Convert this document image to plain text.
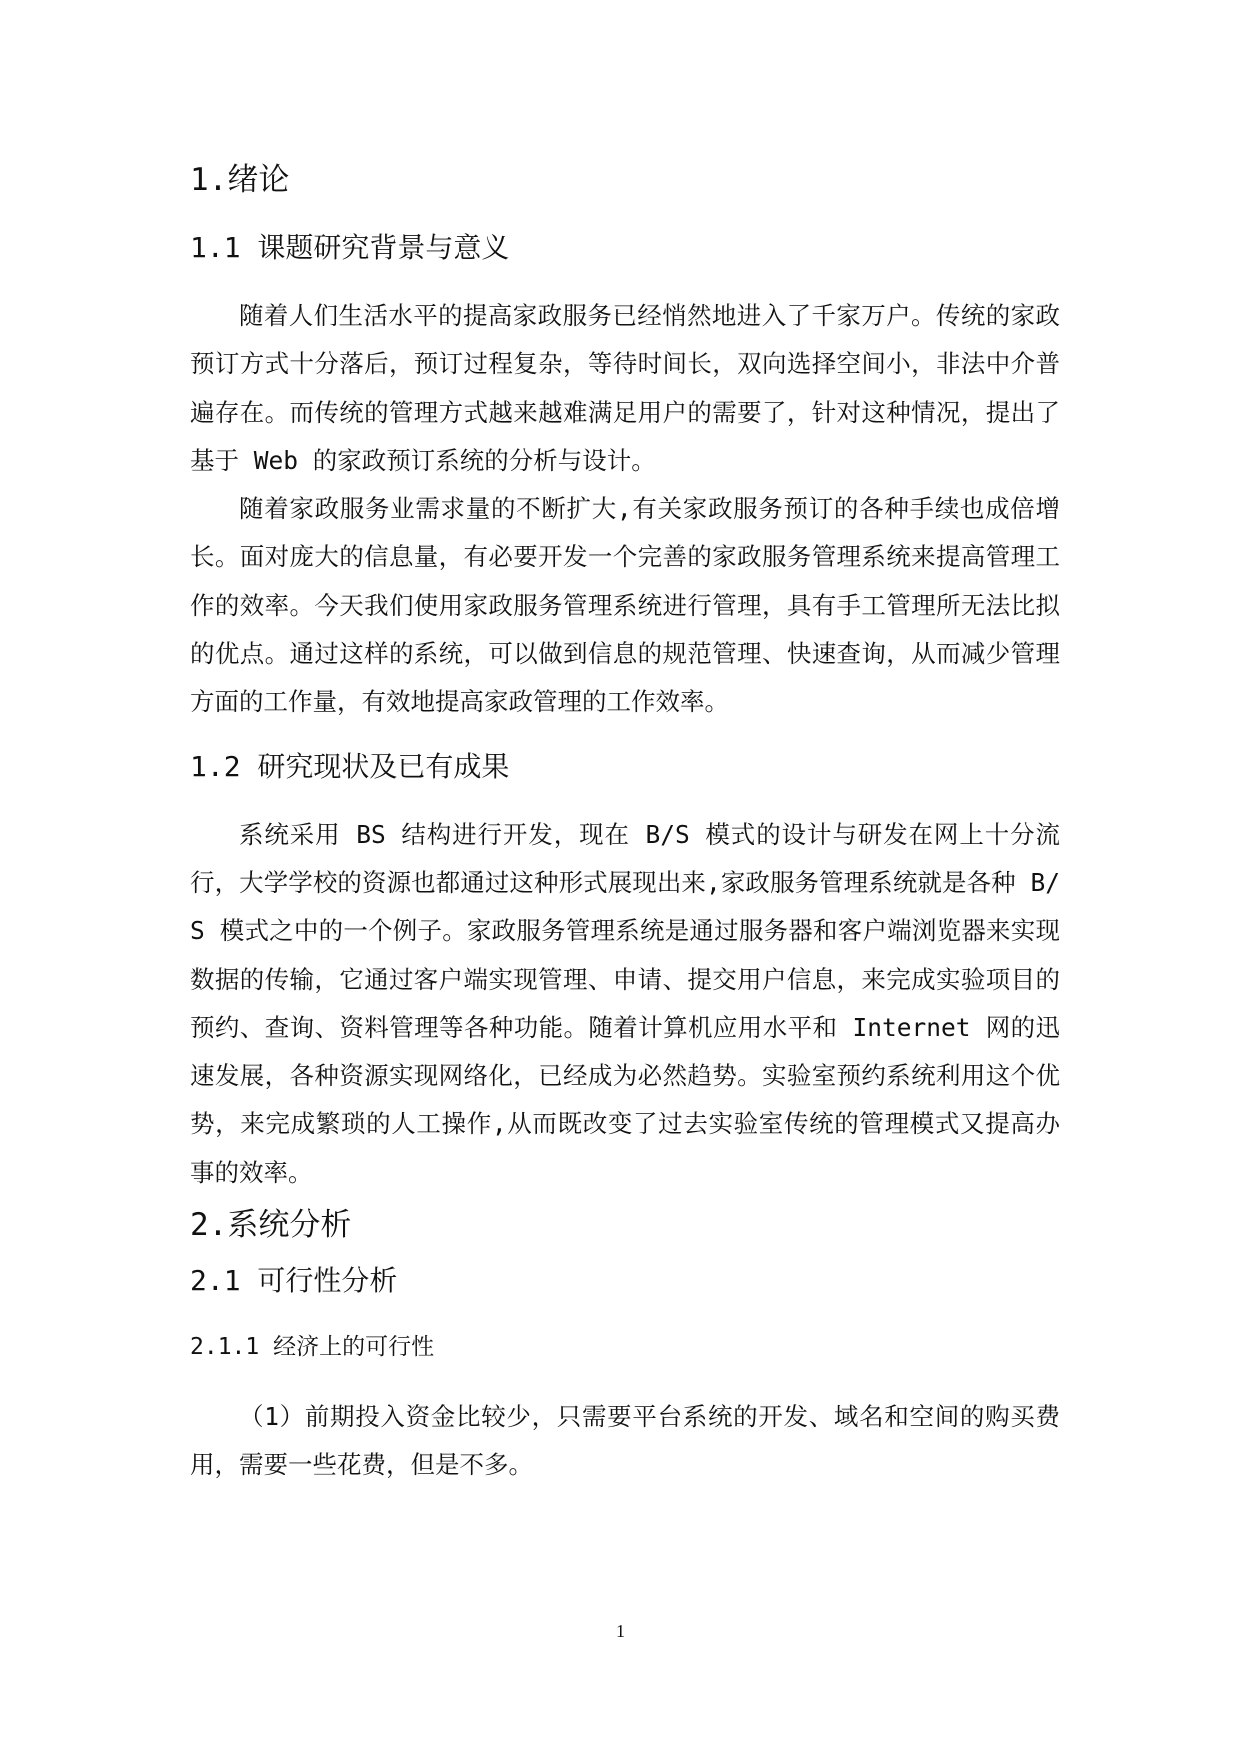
1.绪论
1.1 课题研究背景与意义

随着人们生活水平的提高家政服务已经悄然地进入了千家万户。传统的家政预订方式十分落后，预订过程复杂，等待时间长，双向选择空间小，非法中介普遍存在。而传统的管理方式越来越难满足用户的需要了，针对这种情况，提出了基于 Web 的家政预订系统的分析与设计。

随着家政服务业需求量的不断扩大,有关家政服务预订的各种手续也成倍增长。面对庞大的信息量，有必要开发一个完善的家政服务管理系统来提高管理工作的效率。今天我们使用家政服务管理系统进行管理，具有手工管理所无法比拟的优点。通过这样的系统，可以做到信息的规范管理、快速查询，从而减少管理方面的工作量，有效地提高家政管理的工作效率。

1.2 研究现状及已有成果

系统采用 BS 结构进行开发，现在 B/S 模式的设计与研发在网上十分流行，大学学校的资源也都通过这种形式展现出来,家政服务管理系统就是各种 B/S 模式之中的一个例子。家政服务管理系统是通过服务器和客户端浏览器来实现数据的传输，它通过客户端实现管理、申请、提交用户信息，来完成实验项目的预约、查询、资料管理等各种功能。随着计算机应用水平和 Internet 网的迅速发展，各种资源实现网络化，已经成为必然趋势。实验室预约系统利用这个优势，来完成繁琐的人工操作,从而既改变了过去实验室传统的管理模式又提高办事的效率。

2.系统分析
2.1 可行性分析
2.1.1 经济上的可行性

（1）前期投入资金比较少，只需要平台系统的开发、域名和空间的购买费用，需要一些花费，但是不多。

1
